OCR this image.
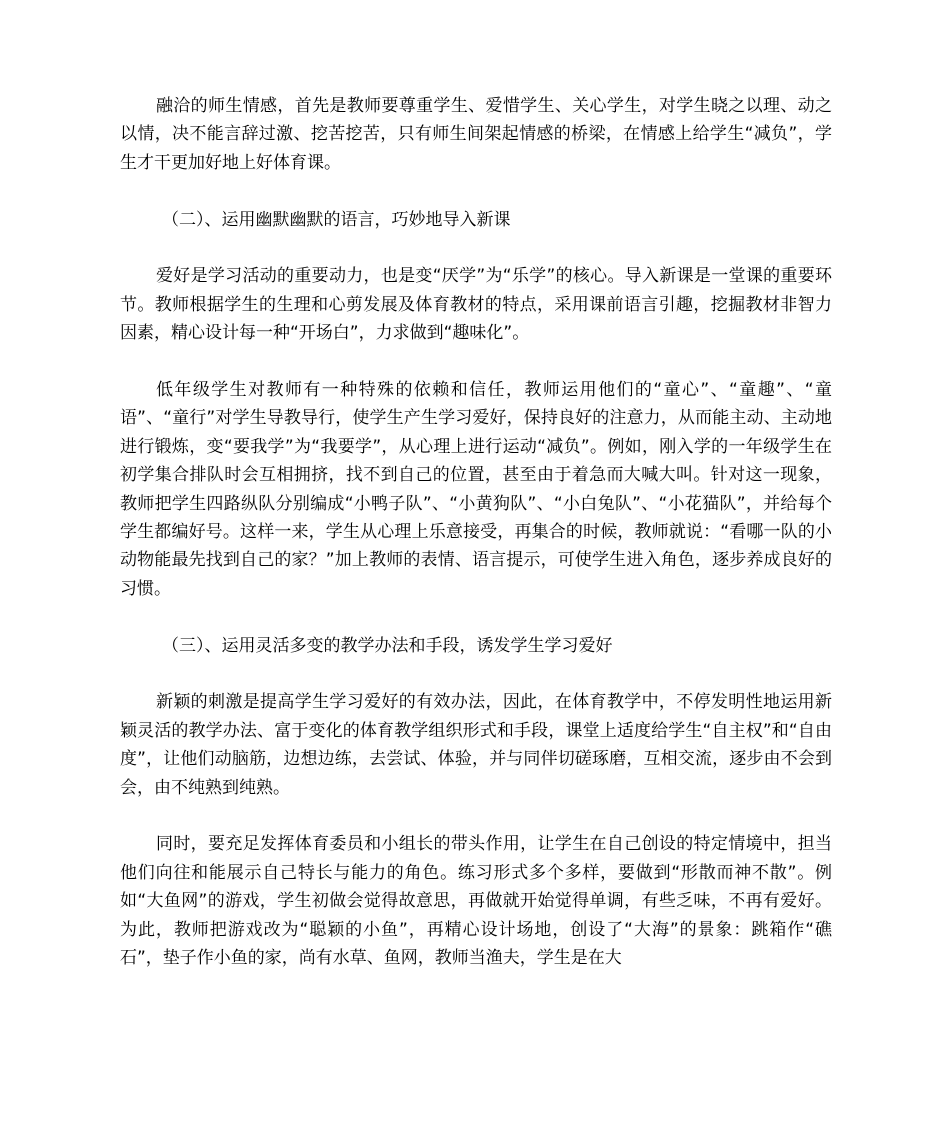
融洽的师生情感，首先是教师要尊重学生、爱惜学生、关心学生，对学生晓之以理、动之以情，决不能言辞过激、挖苦挖苦，只有师生间架起情感的桥梁，在情感上给学生“减负”，学生才干更加好地上好体育课。

（二）、运用幽默幽默的语言，巧妙地导入新课

爱好是学习活动的重要动力，也是变“厌学”为“乐学”的核心。导入新课是一堂课的重要环节。教师根据学生的生理和心剪发展及体育教材的特点，采用课前语言引趣，挖掘教材非智力因素，精心设计每一种“开场白”，力求做到“趣味化”。

低年级学生对教师有一种特殊的依赖和信任，教师运用他们的“童心”、“童趣”、“童语”、“童行”对学生导教导行，使学生产生学习爱好，保持良好的注意力，从而能主动、主动地进行锻炼，变“要我学”为“我要学”，从心理上进行运动“减负”。例如，刚入学的一年级学生在初学集合排队时会互相拥挤，找不到自己的位置，甚至由于着急而大喊大叫。针对这一现象，教师把学生四路纵队分别编成“小鸭子队”、“小黄狗队”、“小白兔队”、“小花猫队”，并给每个学生都编好号。这样一来，学生从心理上乐意接受，再集合的时候，教师就说：“看哪一队的小动物能最先找到自己的家？”加上教师的表情、语言提示，可使学生进入角色，逐步养成良好的习惯。

（三）、运用灵活多变的教学办法和手段，诱发学生学习爱好

新颖的刺激是提高学生学习爱好的有效办法，因此，在体育教学中，不停发明性地运用新颖灵活的教学办法、富于变化的体育教学组织形式和手段，课堂上适度给学生“自主权”和“自由度”，让他们动脑筋，边想边练，去尝试、体验，并与同伴切磋琢磨，互相交流，逐步由不会到会，由不纯熟到纯熟。

同时，要充足发挥体育委员和小组长的带头作用，让学生在自己创设的特定情境中，担当他们向往和能展示自己特长与能力的角色。练习形式多个多样，要做到“形散而神不散”。例如“大鱼网”的游戏，学生初做会觉得故意思，再做就开始觉得单调，有些乏味，不再有爱好。为此，教师把游戏改为“聪颖的小鱼”，再精心设计场地，创设了“大海”的景象：跳箱作“礁石”，垫子作小鱼的家，尚有水草、鱼网，教师当渔夫，学生是在大
